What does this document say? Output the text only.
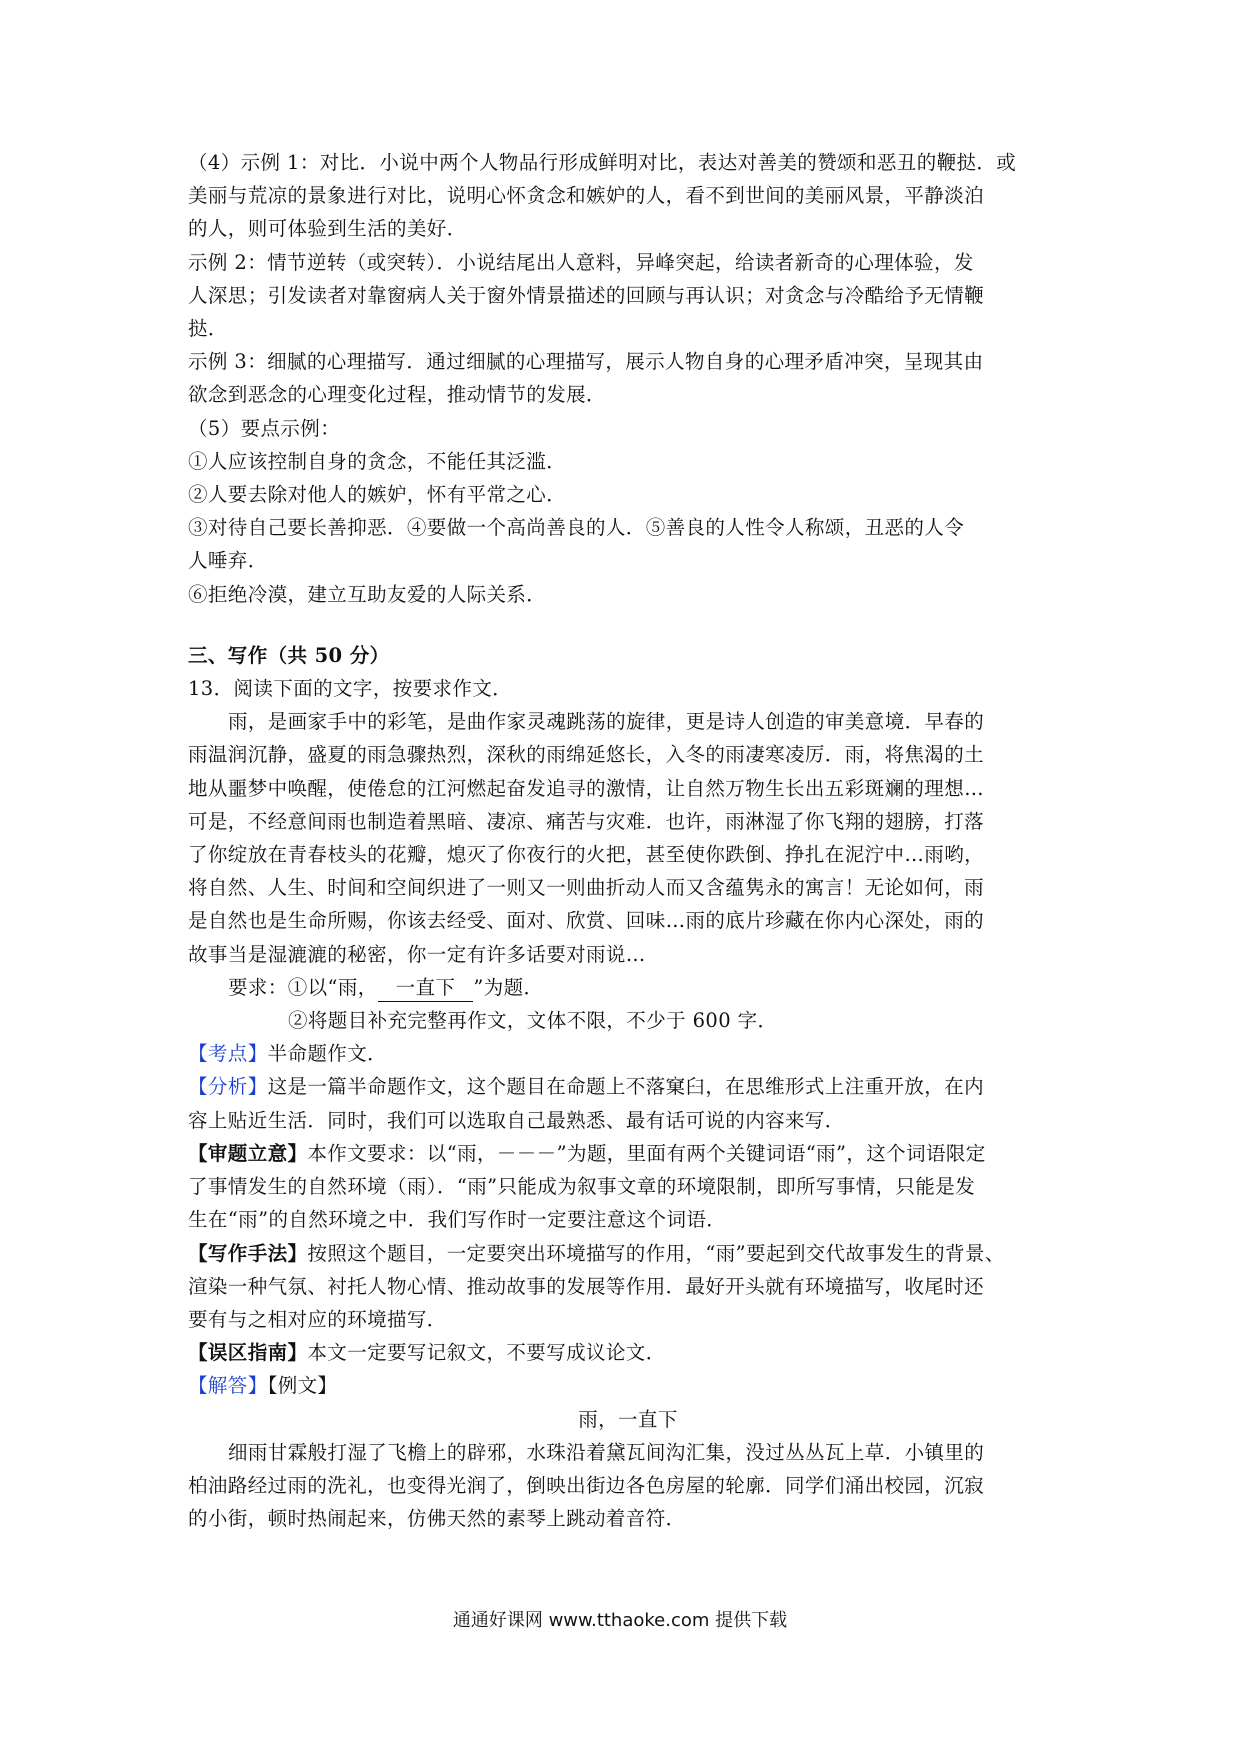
（4）示例 1：对比．小说中两个人物品行形成鲜明对比，表达对善美的赞颂和恶丑的鞭挞．或
美丽与荒凉的景象进行对比，说明心怀贪念和嫉妒的人，看不到世间的美丽风景，平静淡泊
的人，则可体验到生活的美好．
示例 2：情节逆转（或突转）．小说结尾出人意料，异峰突起，给读者新奇的心理体验，发
人深思；引发读者对靠窗病人关于窗外情景描述的回顾与再认识；对贪念与冷酷给予无情鞭
挞．
示例 3：细腻的心理描写．通过细腻的心理描写，展示人物自身的心理矛盾冲突，呈现其由
欲念到恶念的心理变化过程，推动情节的发展．
（5）要点示例：
①人应该控制自身的贪念，不能任其泛滥．
②人要去除对他人的嫉妒，怀有平常之心．
③对待自己要长善抑恶．④要做一个高尚善良的人．⑤善良的人性令人称颂，丑恶的人令
人唾弃．
⑥拒绝冷漠，建立互助友爱的人际关系．
三、写作（共 50 分）
13．阅读下面的文字，按要求作文．
雨，是画家手中的彩笔，是曲作家灵魂跳荡的旋律，更是诗人创造的审美意境．早春的
雨温润沉静，盛夏的雨急骤热烈，深秋的雨绵延悠长，入冬的雨凄寒凌厉．雨，将焦渴的土
地从噩梦中唤醒，使倦怠的江河燃起奋发追寻的激情，让自然万物生长出五彩斑斓的理想…
可是，不经意间雨也制造着黑暗、凄凉、痛苦与灾难．也许，雨淋湿了你飞翔的翅膀，打落
了你绽放在青春枝头的花瓣，熄灭了你夜行的火把，甚至使你跌倒、挣扎在泥泞中…雨哟，
将自然、人生、时间和空间织进了一则又一则曲折动人而又含蕴隽永的寓言！无论如何，雨
是自然也是生命所赐，你该去经受、面对、欣赏、回味…雨的底片珍藏在你内心深处，雨的
故事当是湿漉漉的秘密，你一定有许多话要对雨说…
要求：①以“雨， 一直下 ”为题．
②将题目补充完整再作文，文体不限，不少于 600 字．
【考点】半命题作文．
【分析】这是一篇半命题作文，这个题目在命题上不落窠臼，在思维形式上注重开放，在内
容上贴近生活．同时，我们可以选取自己最熟悉、最有话可说的内容来写．
【审题立意】本作文要求：以“雨，－－－”为题，里面有两个关键词语“雨”，这个词语限定
了事情发生的自然环境（雨）．“雨”只能成为叙事文章的环境限制，即所写事情，只能是发
生在“雨”的自然环境之中．我们写作时一定要注意这个词语．
【写作手法】按照这个题目，一定要突出环境描写的作用，“雨”要起到交代故事发生的背景、
渲染一种气氛、衬托人物心情、推动故事的发展等作用．最好开头就有环境描写，收尾时还
要有与之相对应的环境描写．
【误区指南】本文一定要写记叙文，不要写成议论文．
【解答】【例文】
雨，一直下
细雨甘霖般打湿了飞檐上的辟邪，水珠沿着黛瓦间沟汇集，没过丛丛瓦上草．小镇里的
柏油路经过雨的洗礼，也变得光润了，倒映出街边各色房屋的轮廓．同学们涌出校园，沉寂
的小街，顿时热闹起来，仿佛天然的素琴上跳动着音符．
通通好课网 www.tthaoke.com 提供下载
